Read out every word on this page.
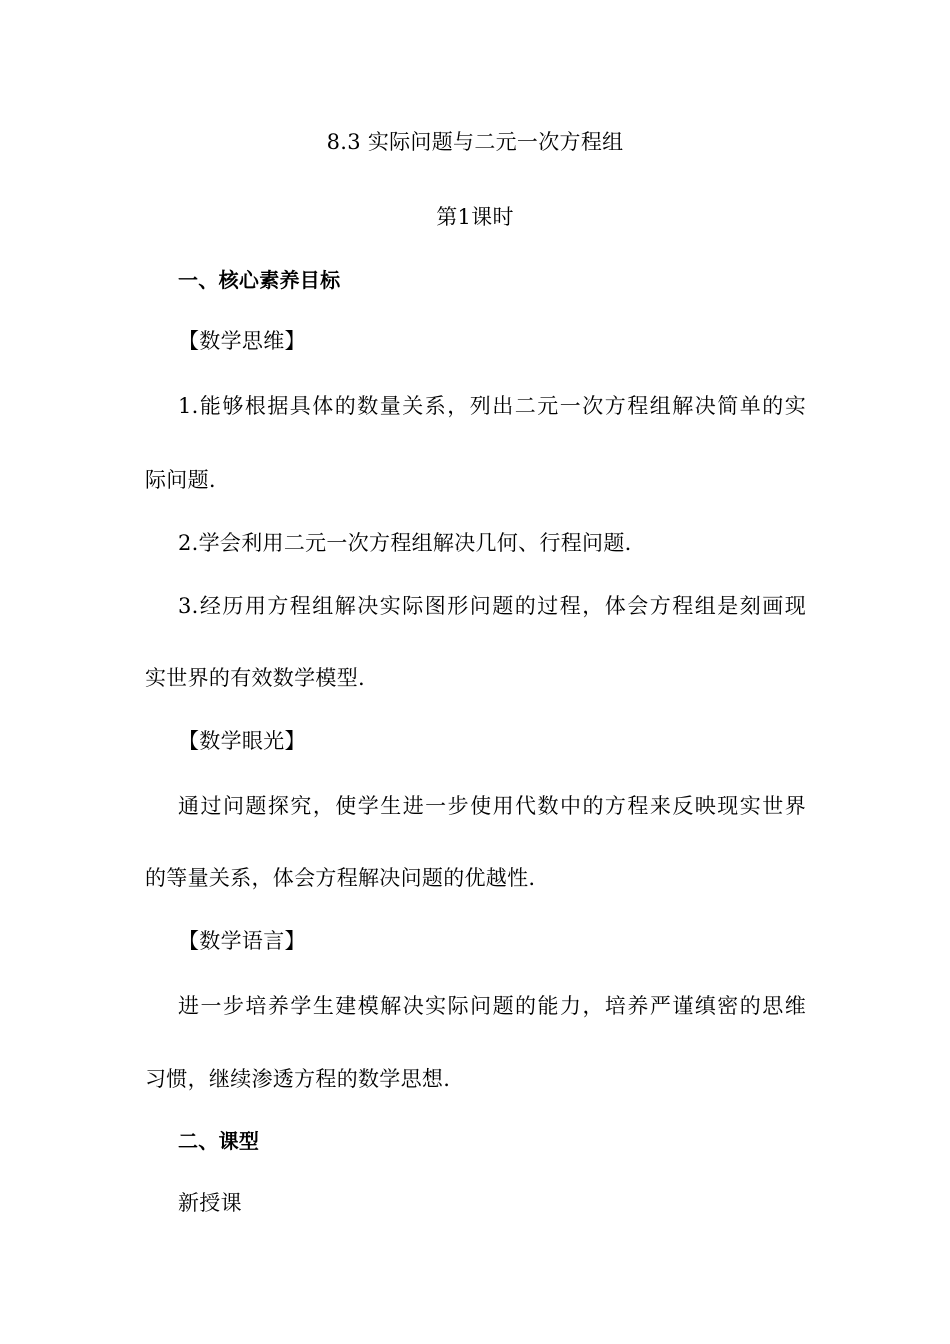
8.3 实际问题与二元一次方程组
第1课时
一、核心素养目标
【数学思维】
1.能够根据具体的数量关系，列出二元一次方程组解决简单的实
际问题.
2.学会利用二元一次方程组解决几何、行程问题.
3.经历用方程组解决实际图形问题的过程，体会方程组是刻画现
实世界的有效数学模型.
【数学眼光】
通过问题探究，使学生进一步使用代数中的方程来反映现实世界
的等量关系，体会方程解决问题的优越性.
【数学语言】
进一步培养学生建模解决实际问题的能力，培养严谨缜密的思维
习惯，继续渗透方程的数学思想.
二、课型
新授课
